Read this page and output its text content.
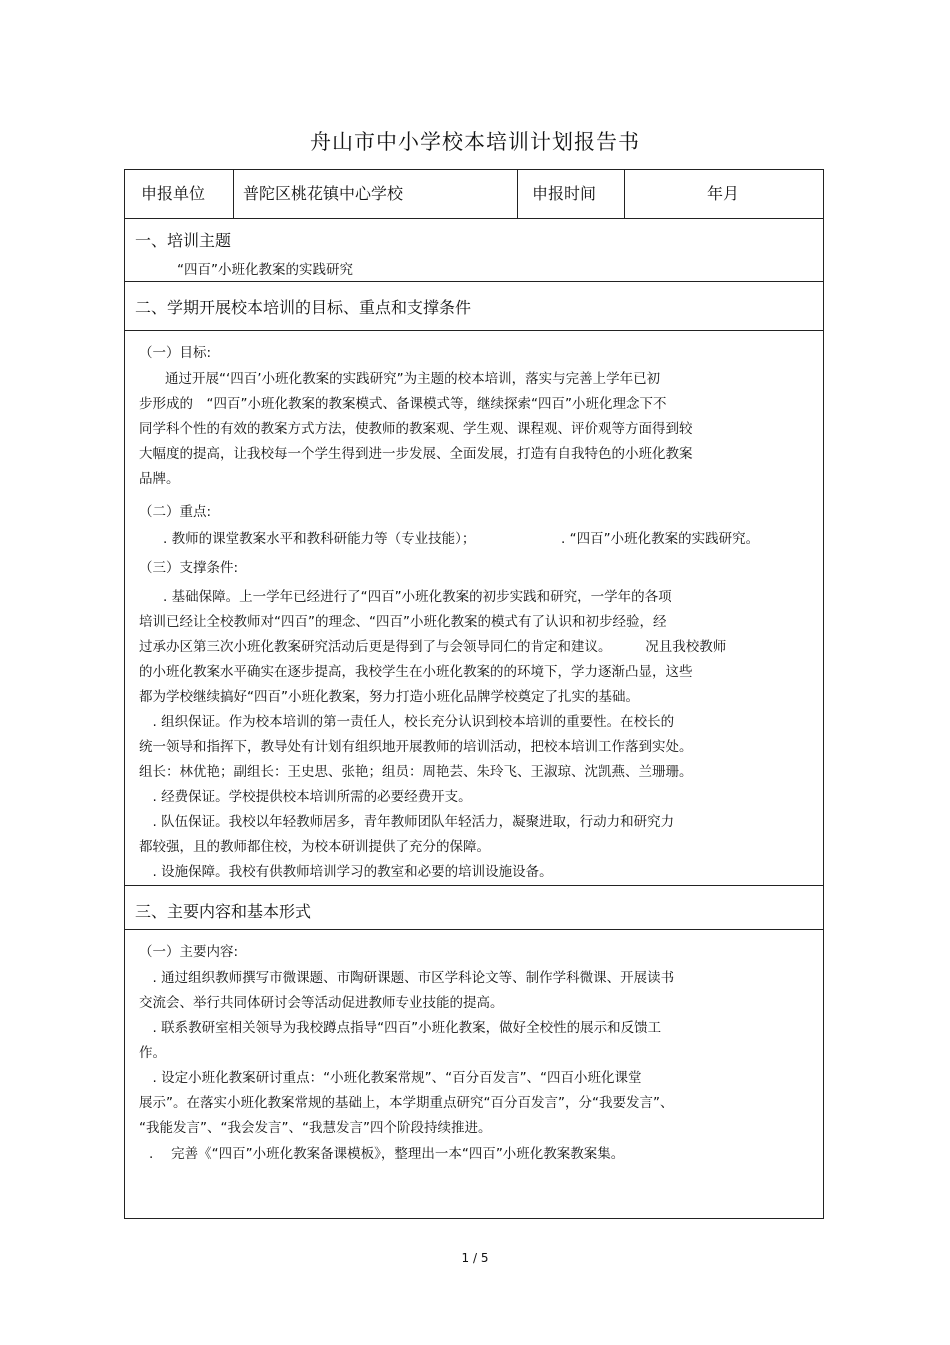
舟山市中小学校本培训计划报告书
申报单位 普陀区桃花镇中心学校	申报时间	年月
一、培训主题
“四百”小班化教案的实践研究
二、学期开展校本培训的目标、重点和支撑条件
（一）目标:
通过开展“‘四百’小班化教案的实践研究”为主题的校本培训，落实与完善上学年已初
步形成的　“四百”小班化教案的教案模式、备课模式等，继续探索“四百”小班化理念下不
同学科个性的有效的教案方式方法，使教师的教案观、学生观、课程观、评价观等方面得到较
大幅度的提高，让我校每一个学生得到进一步发展、全面发展，打造有自我特色的小班化教案
品牌。
（二）重点:
. 教师的课堂教案水平和教科研能力等（专业技能）；	. “四百”小班化教案的实践研究。
（三）支撑条件:
. 基础保障。上一学年已经进行了“四百”小班化教案的初步实践和研究，一学年的各项
培训已经让全校教师对“四百”的理念、“四百”小班化教案的模式有了认识和初步经验，经
过承办区第三次小班化教案研究活动后更是得到了与会领导同仁的肯定和建议。　　　况且我校教师
的小班化教案水平确实在逐步提高，我校学生在小班化教案的的环境下，学力逐渐凸显，这些
都为学校继续搞好“四百”小班化教案，努力打造小班化品牌学校奠定了扎实的基础。
　. 组织保证。作为校本培训的第一责任人，校长充分认识到校本培训的重要性。在校长的
统一领导和指挥下，教导处有计划有组织地开展教师的培训活动，把校本培训工作落到实处。
组长：林优艳；副组长：王史思、张艳；组员：周艳芸、朱玲飞、王淑琼、沈凯燕、兰珊珊。
　. 经费保证。学校提供校本培训所需的必要经费开支。
　. 队伍保证。我校以年轻教师居多，青年教师团队年轻活力，凝聚进取，行动力和研究力
都较强，且的教师都住校，为校本研训提供了充分的保障。
　. 设施保障。我校有供教师培训学习的教室和必要的培训设施设备。
三、主要内容和基本形式
（一）主要内容:
　. 通过组织教师撰写市微课题、市陶研课题、市区学科论文等、制作学科微课、开展读书
交流会、举行共同体研讨会等活动促进教师专业技能的提高。
　. 联系教研室相关领导为我校蹲点指导“四百”小班化教案，做好全校性的展示和反馈工
作。
　. 设定小班化教案研讨重点：“小班化教案常规”、“百分百发言”、“四百小班化课堂
展示”。在落实小班化教案常规的基础上，本学期重点研究“百分百发言”，分“我要发言”、
“我能发言”、“我会发言”、“我慧发言”四个阶段持续推进。
.　 完善《“四百”小班化教案备课模板》，整理出一本“四百”小班化教案教案集。
1 / 5
